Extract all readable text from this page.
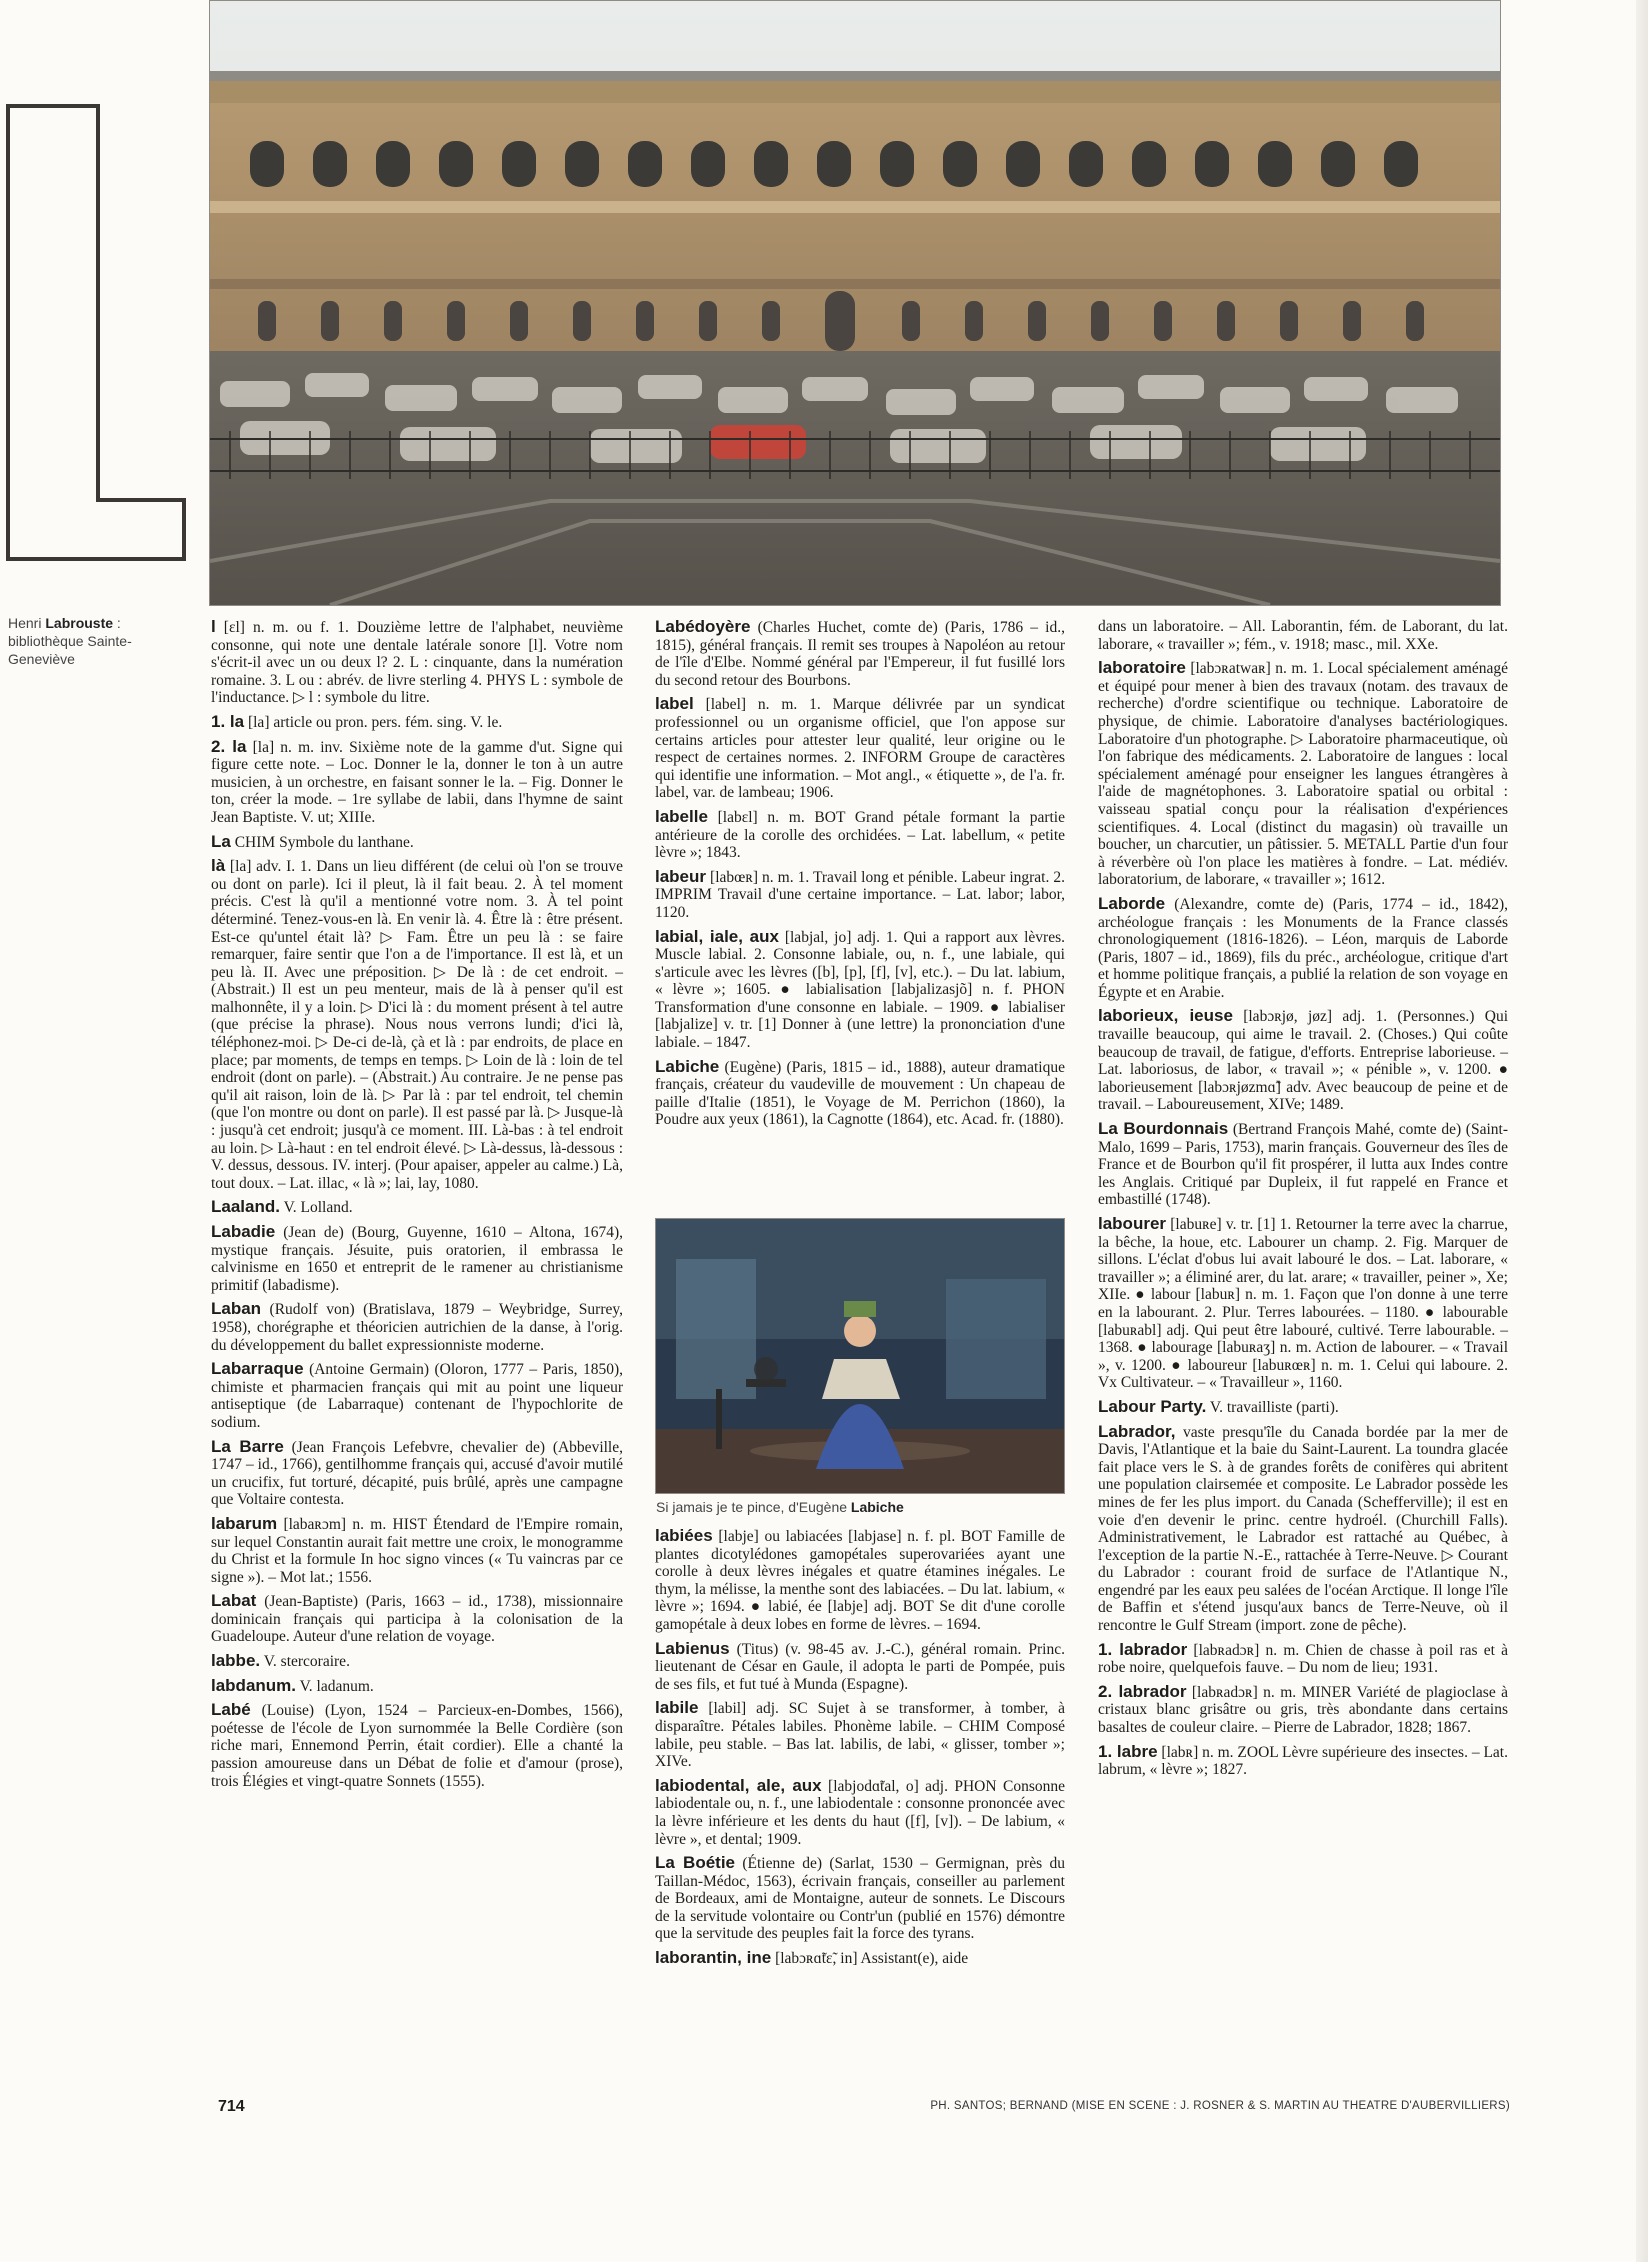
Henri Labrouste : bibliothèque Sainte-Geneviève
Si jamais je te pince, d'Eugène Labiche

l [ɛl] n. m. ou f. 1. Douzième lettre de l'alphabet, neuvième consonne, qui note une dentale latérale sonore [l]. Votre nom s'écrit-il avec un ou deux l? 2. L : cinquante, dans la numération romaine. 3. L ou : abrév. de livre sterling 4. PHYS L : symbole de l'inductance. ▷ l : symbole du litre.

1. la [la] article ou pron. pers. fém. sing. V. le.

2. la [la] n. m. inv. Sixième note de la gamme d'ut. Signe qui figure cette note. – Loc. Donner le la, donner le ton à un autre musicien, à un orchestre, en faisant sonner le la. – Fig. Donner le ton, créer la mode. – 1re syllabe de labii, dans l'hymne de saint Jean Baptiste. V. ut; XIIIe.

La CHIM Symbole du lanthane.

là [la] adv. I. 1. Dans un lieu différent (de celui où l'on se trouve ou dont on parle). Ici il pleut, là il fait beau. 2. À tel moment précis. C'est là qu'il a mentionné votre nom. 3. À tel point déterminé. Tenez-vous-en là. En venir là. 4. Être là : être présent. Est-ce qu'untel était là? ▷ Fam. Être un peu là : se faire remarquer, faire sentir que l'on a de l'importance. Il est là, et un peu là. II. Avec une préposition. ▷ De là : de cet endroit. – (Abstrait.) Il est un peu menteur, mais de là à penser qu'il est malhonnête, il y a loin. ▷ D'ici là : du moment présent à tel autre (que précise la phrase). Nous nous verrons lundi; d'ici là, téléphonez-moi. ▷ De-ci de-là, çà et là : par endroits, de place en place; par moments, de temps en temps. ▷ Loin de là : loin de tel endroit (dont on parle). – (Abstrait.) Au contraire. Je ne pense pas qu'il ait raison, loin de là. ▷ Par là : par tel endroit, tel chemin (que l'on montre ou dont on parle). Il est passé par là. ▷ Jusque-là : jusqu'à cet endroit; jusqu'à ce moment. III. Là-bas : à tel endroit au loin. ▷ Là-haut : en tel endroit élevé. ▷ Là-dessus, là-dessous : V. dessus, dessous. IV. interj. (Pour apaiser, appeler au calme.) Là, tout doux. – Lat. illac, « là »; lai, lay, 1080.

Laaland. V. Lolland.

Labadie (Jean de) (Bourg, Guyenne, 1610 – Altona, 1674), mystique français. Jésuite, puis oratorien, il embrassa le calvinisme en 1650 et entreprit de le ramener au christianisme primitif (labadisme).

Laban (Rudolf von) (Bratislava, 1879 – Weybridge, Surrey, 1958), chorégraphe et théoricien autrichien de la danse, à l'orig. du développement du ballet expressionniste moderne.

Labarraque (Antoine Germain) (Oloron, 1777 – Paris, 1850), chimiste et pharmacien français qui mit au point une liqueur antiseptique (de Labarraque) contenant de l'hypochlorite de sodium.

La Barre (Jean François Lefebvre, chevalier de) (Abbeville, 1747 – id., 1766), gentilhomme français qui, accusé d'avoir mutilé un crucifix, fut torturé, décapité, puis brûlé, après une campagne que Voltaire contesta.

labarum [labaʀɔm] n. m. HIST Étendard de l'Empire romain, sur lequel Constantin aurait fait mettre une croix, le monogramme du Christ et la formule In hoc signo vinces (« Tu vaincras par ce signe »). – Mot lat.; 1556.

Labat (Jean-Baptiste) (Paris, 1663 – id., 1738), missionnaire dominicain français qui participa à la colonisation de la Guadeloupe. Auteur d'une relation de voyage.

labbe. V. stercoraire.

labdanum. V. ladanum.

Labé (Louise) (Lyon, 1524 – Parcieux-en-Dombes, 1566), poétesse de l'école de Lyon surnommée la Belle Cordière (son riche mari, Ennemond Perrin, était cordier). Elle a chanté la passion amoureuse dans un Débat de folie et d'amour (prose), trois Élégies et vingt-quatre Sonnets (1555).

Labédoyère (Charles Huchet, comte de) (Paris, 1786 – id., 1815), général français. Il remit ses troupes à Napoléon au retour de l'île d'Elbe. Nommé général par l'Empereur, il fut fusillé lors du second retour des Bourbons.

label [label] n. m. 1. Marque délivrée par un syndicat professionnel ou un organisme officiel, que l'on appose sur certains articles pour attester leur qualité, leur origine ou le respect de certaines normes. 2. INFORM Groupe de caractères qui identifie une information. – Mot angl., « étiquette », de l'a. fr. label, var. de lambeau; 1906.

labelle [labɛl] n. m. BOT Grand pétale formant la partie antérieure de la corolle des orchidées. – Lat. labellum, « petite lèvre »; 1843.

labeur [labœʀ] n. m. 1. Travail long et pénible. Labeur ingrat. 2. IMPRIM Travail d'une certaine importance. – Lat. labor; labor, 1120.

labial, iale, aux [labjal, jo] adj. 1. Qui a rapport aux lèvres. Muscle labial. 2. Consonne labiale, ou, n. f., une labiale, qui s'articule avec les lèvres ([b], [p], [f], [v], etc.). – Du lat. labium, « lèvre »; 1605. ● labialisation [labjalizasjõ] n. f. PHON Transformation d'une consonne en labiale. – 1909. ● labialiser [labjalize] v. tr. [1] Donner à (une lettre) la prononciation d'une labiale. – 1847.

Labiche (Eugène) (Paris, 1815 – id., 1888), auteur dramatique français, créateur du vaudeville de mouvement : Un chapeau de paille d'Italie (1851), le Voyage de M. Perrichon (1860), la Poudre aux yeux (1861), la Cagnotte (1864), etc. Acad. fr. (1880).

labiées [labje] ou labiacées [labjase] n. f. pl. BOT Famille de plantes dicotylédones gamopétales superovariées ayant une corolle à deux lèvres inégales et quatre étamines inégales. Le thym, la mélisse, la menthe sont des labiacées. – Du lat. labium, « lèvre »; 1694. ● labié, ée [labje] adj. BOT Se dit d'une corolle gamopétale à deux lobes en forme de lèvres. – 1694.

Labienus (Titus) (v. 98-45 av. J.-C.), général romain. Princ. lieutenant de César en Gaule, il adopta le parti de Pompée, puis de ses fils, et fut tué à Munda (Espagne).

labile [labil] adj. SC Sujet à se transformer, à tomber, à disparaître. Pétales labiles. Phonème labile. – CHIM Composé labile, peu stable. – Bas lat. labilis, de labi, « glisser, tomber »; XIVe.

labiodental, ale, aux [labjodɑ̃tal, o] adj. PHON Consonne labiodentale ou, n. f., une labiodentale : consonne prononcée avec la lèvre inférieure et les dents du haut ([f], [v]). – De labium, « lèvre », et dental; 1909.

La Boétie (Étienne de) (Sarlat, 1530 – Germignan, près du Taillan-Médoc, 1563), écrivain français, conseiller au parlement de Bordeaux, ami de Montaigne, auteur de sonnets. Le Discours de la servitude volontaire ou Contr'un (publié en 1576) démontre que la servitude des peuples fait la force des tyrans.

laborantin, ine [labɔʀɑ̃tɛ̃, in] Assistant(e), aide

dans un laboratoire. – All. Laborantin, fém. de Laborant, du lat. laborare, « travailler »; fém., v. 1918; masc., mil. XXe.

laboratoire [labɔʀatwaʀ] n. m. 1. Local spécialement aménagé et équipé pour mener à bien des travaux (notam. des travaux de recherche) d'ordre scientifique ou technique. Laboratoire de physique, de chimie. Laboratoire d'analyses bactériologiques. Laboratoire d'un photographe. ▷ Laboratoire pharmaceutique, où l'on fabrique des médicaments. 2. Laboratoire de langues : local spécialement aménagé pour enseigner les langues étrangères à l'aide de magnétophones. 3. Laboratoire spatial ou orbital : vaisseau spatial conçu pour la réalisation d'expériences scientifiques. 4. Local (distinct du magasin) où travaille un boucher, un charcutier, un pâtissier. 5. METALL Partie d'un four à réverbère où l'on place les matières à fondre. – Lat. médiév. laboratorium, de laborare, « travailler »; 1612.

Laborde (Alexandre, comte de) (Paris, 1774 – id., 1842), archéologue français : les Monuments de la France classés chronologiquement (1816-1826). – Léon, marquis de Laborde (Paris, 1807 – id., 1869), fils du préc., archéologue, critique d'art et homme politique français, a publié la relation de son voyage en Égypte et en Arabie.

laborieux, ieuse [labɔʀjø, jøz] adj. 1. (Personnes.) Qui travaille beaucoup, qui aime le travail. 2. (Choses.) Qui coûte beaucoup de travail, de fatigue, d'efforts. Entreprise laborieuse. – Lat. laboriosus, de labor, « travail »; « pénible », v. 1200. ● laborieusement [labɔʀjøzmɑ̃] adv. Avec beaucoup de peine et de travail. – Laboureusement, XIVe; 1489.

La Bourdonnais (Bertrand François Mahé, comte de) (Saint-Malo, 1699 – Paris, 1753), marin français. Gouverneur des îles de France et de Bourbon qu'il fit prospérer, il lutta aux Indes contre les Anglais. Critiqué par Dupleix, il fut rappelé en France et embastillé (1748).

labourer [labuʀe] v. tr. [1] 1. Retourner la terre avec la charrue, la bêche, la houe, etc. Labourer un champ. 2. Fig. Marquer de sillons. L'éclat d'obus lui avait labouré le dos. – Lat. laborare, « travailler »; a éliminé arer, du lat. arare; « travailler, peiner », Xe; XIIe. ● labour [labuʀ] n. m. 1. Façon que l'on donne à une terre en la labourant. 2. Plur. Terres labourées. – 1180. ● labourable [labuʀabl] adj. Qui peut être labouré, cultivé. Terre labourable. – 1368. ● labourage [labuʀaʒ] n. m. Action de labourer. – « Travail », v. 1200. ● laboureur [labuʀœʀ] n. m. 1. Celui qui laboure. 2. Vx Cultivateur. – « Travailleur », 1160.

Labour Party. V. travailliste (parti).

Labrador, vaste presqu'île du Canada bordée par la mer de Davis, l'Atlantique et la baie du Saint-Laurent. La toundra glacée fait place vers le S. à de grandes forêts de conifères qui abritent une population clairsemée et composite. Le Labrador possède les mines de fer les plus import. du Canada (Schefferville); il est en voie d'en devenir le princ. centre hydroél. (Churchill Falls). Administrativement, le Labrador est rattaché au Québec, à l'exception de la partie N.-E., rattachée à Terre-Neuve. ▷ Courant du Labrador : courant froid de surface de l'Atlantique N., engendré par les eaux peu salées de l'océan Arctique. Il longe l'île de Baffin et s'étend jusqu'aux bancs de Terre-Neuve, où il rencontre le Gulf Stream (import. zone de pêche).

1. labrador [labʀadɔʀ] n. m. Chien de chasse à poil ras et à robe noire, quelquefois fauve. – Du nom de lieu; 1931.

2. labrador [labʀadɔʀ] n. m. MINER Variété de plagioclase à cristaux blanc grisâtre ou gris, très abondante dans certains basaltes de couleur claire. – Pierre de Labrador, 1828; 1867.

1. labre [labʀ] n. m. ZOOL Lèvre supérieure des insectes. – Lat. labrum, « lèvre »; 1827.

714	PH. SANTOS; BERNAND (MISE EN SCENE : J. ROSNER & S. MARTIN AU THEATRE D'AUBERVILLIERS)
